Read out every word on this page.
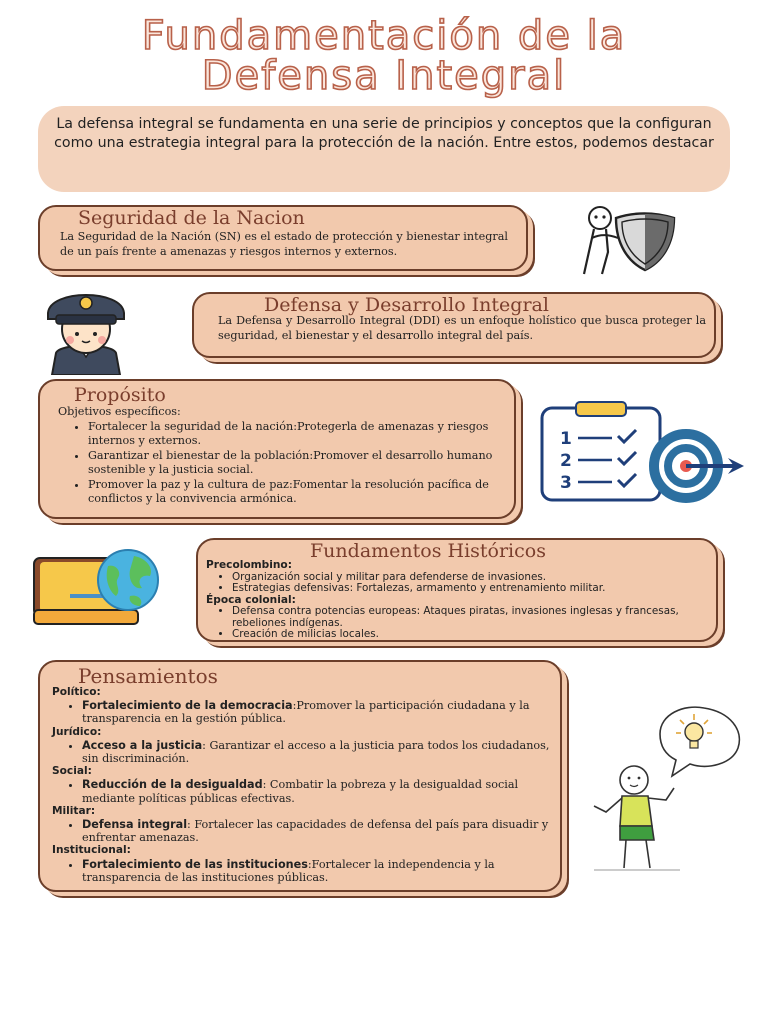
Fundamentación de la
Defensa Integral
La defensa integral se fundamenta en una serie de principios y conceptos que la configuran como una estrategia integral para la protección de la nación. Entre estos, podemos destacar
Seguridad de la Nacion
La Seguridad de la Nación (SN) es el estado de protección y bienestar integral de un país frente a amenazas y riesgos internos y externos.
Defensa y Desarrollo Integral
La Defensa y Desarrollo Integral (DDI) es un enfoque holístico que busca proteger la seguridad, el bienestar y el desarrollo integral del país.
Propósito
Objetivos específicos:
• Fortalecer la seguridad de la nación:Protegerla de amenazas y riesgos internos y externos.
• Garantizar el bienestar de la población:Promover el desarrollo humano sostenible y la justicia social.
• Promover la paz y la cultura de paz:Fomentar la resolución pacífica de conflictos y la convivencia armónica.
1
2
3
Fundamentos Históricos
Precolombino:
• Organización social y militar para defenderse de invasiones.
• Estrategias defensivas: Fortalezas, armamento y entrenamiento militar.
Época colonial:
• Defensa contra potencias europeas: Ataques piratas, invasiones inglesas y francesas, rebeliones indígenas.
• Creación de milicias locales.
Pensamientos
Político:
• Fortalecimiento de la democracia:Promover la participación ciudadana y la transparencia en la gestión pública.
Jurídico:
• Acceso a la justicia: Garantizar el acceso a la justicia para todos los ciudadanos, sin discriminación.
Social:
• Reducción de la desigualdad: Combatir la pobreza y la desigualdad social mediante políticas públicas efectivas.
Militar:
• Defensa integral: Fortalecer las capacidades de defensa del país para disuadir y enfrentar amenazas.
Institucional:
• Fortalecimiento de las instituciones:Fortalecer la independencia y la transparencia de las instituciones públicas.
